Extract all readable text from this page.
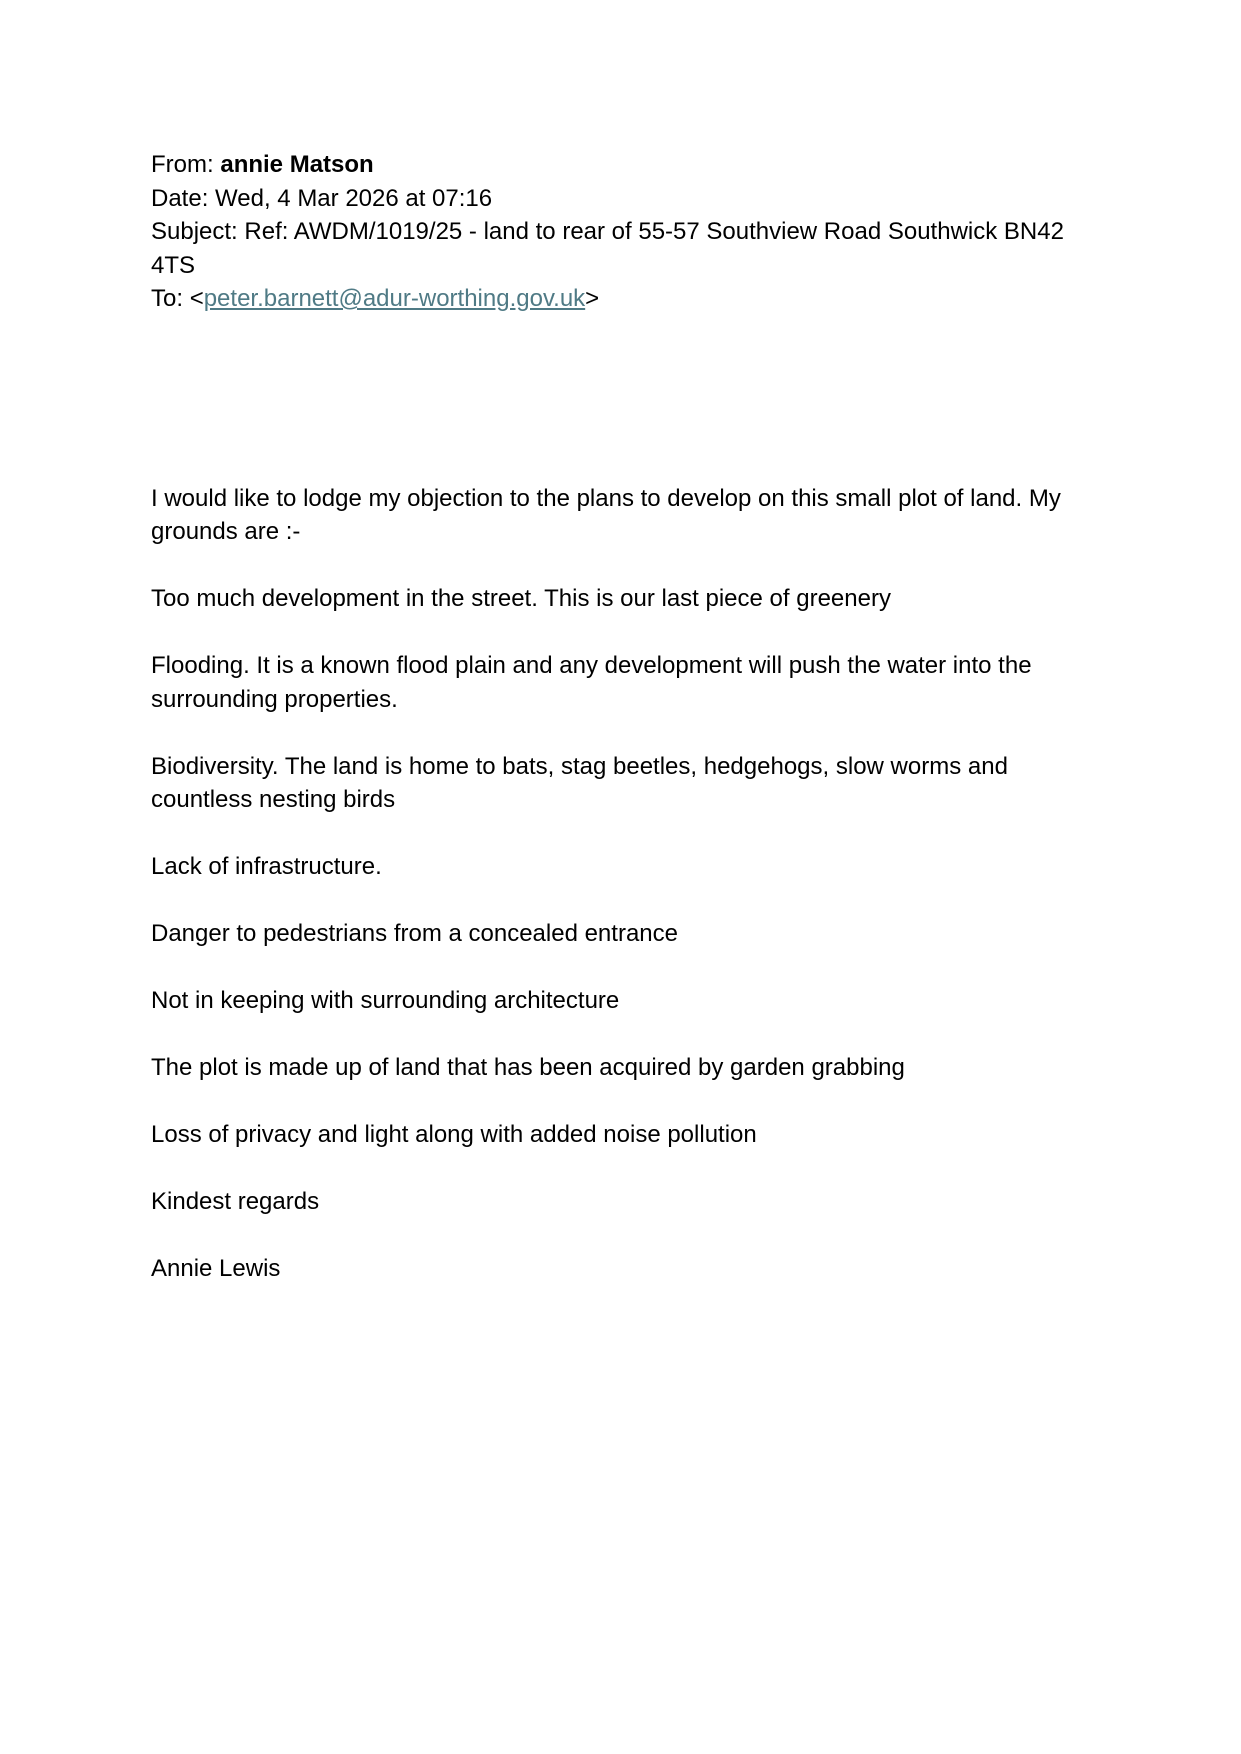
From: annie Matson

Date: Wed, 4 Mar 2026 at 07:16

Subject: Ref: AWDM/1019/25 - land to rear of 55-57 Southview Road Southwick BN42 4TS

To: <peter.barnett@adur-worthing.gov.uk>

I would like to lodge my objection to the plans to develop on this small plot of land. My grounds are :-

Too much development in the street. This is our last piece of greenery

Flooding. It is a known flood plain and any development will push the water into the surrounding properties.

Biodiversity. The land is home to bats, stag beetles, hedgehogs, slow worms and countless nesting birds

Lack of infrastructure.

Danger to pedestrians from a concealed entrance

Not in keeping with surrounding architecture

The plot is made up of land that has been acquired by garden grabbing

Loss of privacy and light along with added noise pollution

Kindest regards

Annie Lewis
